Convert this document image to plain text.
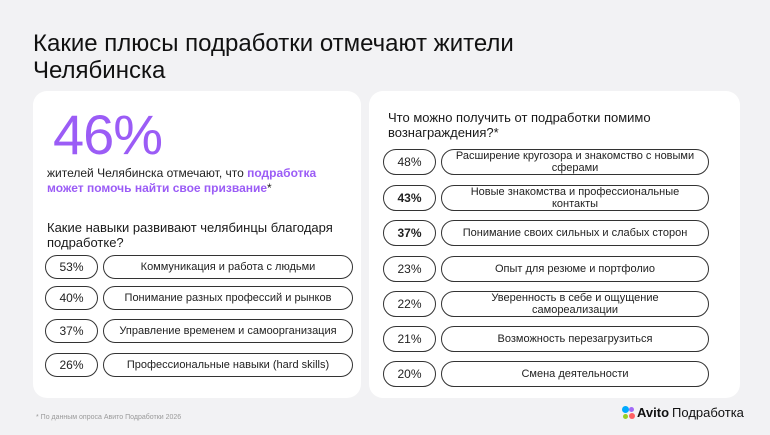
Какие плюсы подработки отмечают жители Челябинска
46%
жителей Челябинска отмечают, что подработка может помочь найти свое призвание*
Какие навыки развивают челябинцы благодаря подработке?
53%	Коммуникация и работа с людьми
40%	Понимание разных профессий и рынков
37%	Управление временем и самоорганизация
26%	Профессиональные навыки (hard skills)
Что можно получить от подработки помимо вознаграждения?*
48%	Расширение кругозора и знакомство с новыми сферами
43%	Новые знакомства и профессиональные контакты
37%	Понимание своих сильных и слабых сторон
23%	Опыт для резюме и портфолио
22%	Уверенность в себе и ощущение самореализации
21%	Возможность перезагрузиться
20%	Смена деятельности
* По данным опроса Авито Подработки 2026	Avito Подработка
